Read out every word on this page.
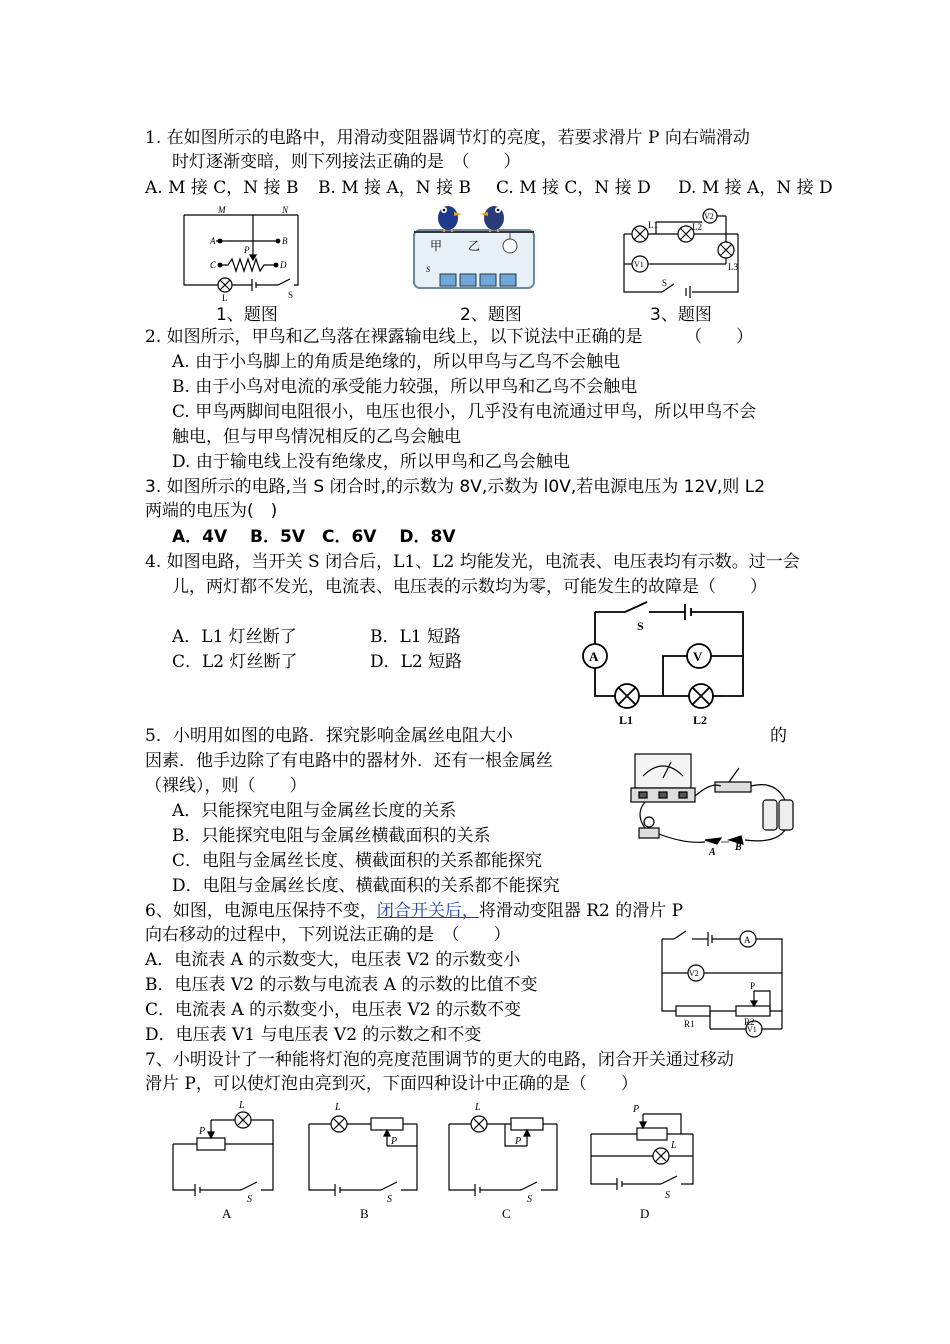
1. 在如图所示的电路中，用滑动变阻器调节灯的亮度，若要求滑片 P 向右端滑动
时灯逐渐变暗，则下列接法正确的是　（　　）
A. M 接 C，N 接 B B. M 接 A，N 接 B C. M 接 C，N 接 D D. M 接 A，N 接 D
M	N
A	B
C	D
P
L	S
甲 乙
S
L1	L2
L3
V1
V2
S
1、题图	2、题图	3、题图
2. 如图所示，甲鸟和乙鸟落在裸露输电线上，以下说法中正确的是　　　（　　）
A. 由于小鸟脚上的角质是绝缘的，所以甲鸟与乙鸟不会触电
B. 由于小鸟对电流的承受能力较强，所以甲鸟和乙鸟不会触电
C. 甲鸟两脚间电阻很小，电压也很小，几乎没有电流通过甲鸟，所以甲鸟不会
触电，但与甲鸟情况相反的乙鸟会触电
D. 由于输电线上没有绝缘皮，所以甲鸟和乙鸟会触电
3. 如图所示的电路,当 S 闭合时,的示数为 8V,示数为 l0V,若电源电压为 12V,则 L2
两端的电压为(　)
A．4V　 B．5V　C．6V　 D．8V
4. 如图电路，当开关 S 闭合后，L1、L2 均能发光，电流表、电压表均有示数。过一会
儿，两灯都不发光，电流表、电压表的示数均为零，可能发生的故障是（　　）
A．L1 灯丝断了	B．L1 短路
C．L2 灯丝断了	D．L2 短路	A	V
S
L1	L2
5．小明用如图的电路．探究影响金属丝电阻大小	的
因素．他手边除了有电路中的器材外．还有一根金属丝
（裸线），则（　　）
A．只能探究电阻与金属丝长度的关系
B．只能探究电阻与金属丝横截面积的关系
C．电阻与金属丝长度、横截面积的关系都能探究
D．电阻与金属丝长度、横截面积的关系都不能探究
A B
6、如图，电源电压保持不变，闭合开关后，将滑动变阻器 R2 的滑片 P
向右移动的过程中，下列说法正确的是　（　　）
A．电流表 A 的示数变大，电压表 V2 的示数变小
B．电压表 V2 的示数与电流表 A 的示数的比值不变
C．电流表 A 的示数变小，电压表 V2 的示数不变
D．电压表 V1 与电压表 V2 的示数之和不变
A
V2
V1
R1	R2
P
7、小明设计了一种能将灯泡的亮度范围调节的更大的电路，闭合开关通过移动
滑片 P，可以使灯泡由亮到灭，下面四种设计中正确的是（　　）
L
P
S
L
P
S
L
P
S
L
P
S
A	B	C	D
